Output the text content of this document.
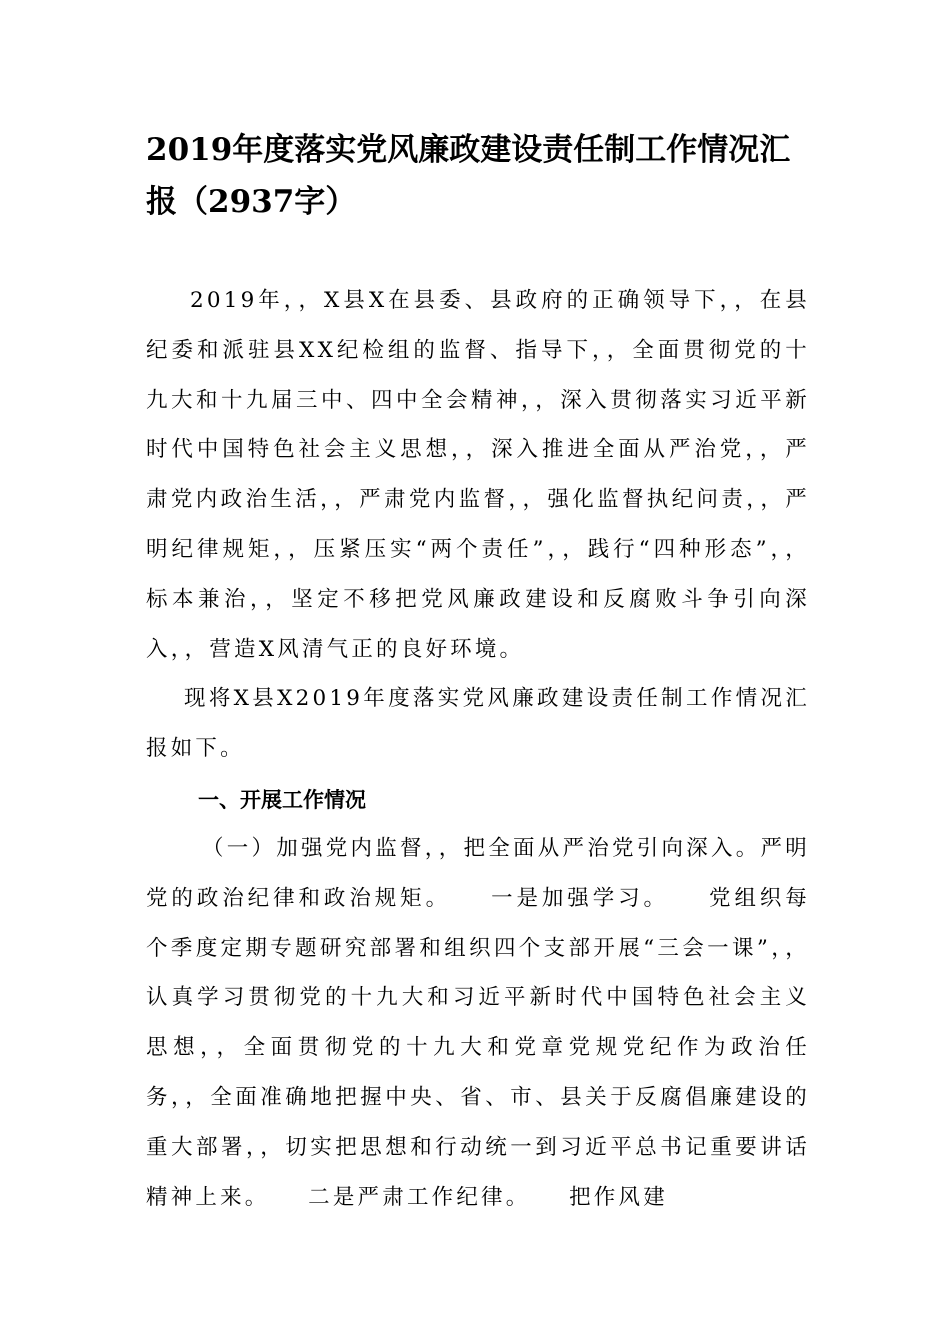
2019年度落实党风廉政建设责任制工作情况汇报（2937字）

2019年，，X县X在县委、县政府的正确领导下，，在县纪委和派驻县XX纪检组的监督、指导下，，全面贯彻党的十九大和十九届三中、四中全会精神，，深入贯彻落实习近平新时代中国特色社会主义思想，，深入推进全面从严治党，，严肃党内政治生活，，严肃党内监督，，强化监督执纪问责，，严明纪律规矩，，压紧压实“两个责任”，，践行“四种形态”，，标本兼治，，坚定不移把党风廉政建设和反腐败斗争引向深入，，营造X风清气正的良好环境。

现将X县X2019年度落实党风廉政建设责任制工作情况汇报如下。

一、开展工作情况

（一）加强党内监督，，把全面从严治党引向深入。严明党的政治纪律和政治规矩。　　一是加强学习。　　党组织每个季度定期专题研究部署和组织四个支部开展“三会一课”，，认真学习贯彻党的十九大和习近平新时代中国特色社会主义思想，，全面贯彻党的十九大和党章党规党纪作为政治任务，，全面准确地把握中央、省、市、县关于反腐倡廉建设的重大部署，，切实把思想和行动统一到习近平总书记重要讲话精神上来。　　二是严肃工作纪律。　　把作风建
